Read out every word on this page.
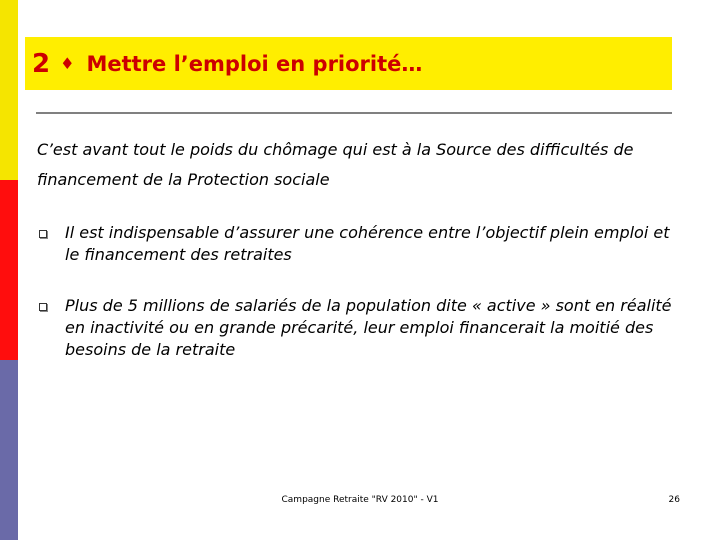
2 ♦ Mettre l’emploi en priorité…
C’est avant tout le poids du chômage qui est à la Source des difficultés de financement de la Protection sociale
Il est indispensable d’assurer une cohérence entre l’objectif plein emploi et le financement des retraites
Plus de 5 millions de salariés de la population dite « active » sont en réalité en inactivité ou en grande précarité, leur emploi financerait la moitié des besoins de la retraite
Campagne Retraite "RV 2010" - V1	26
